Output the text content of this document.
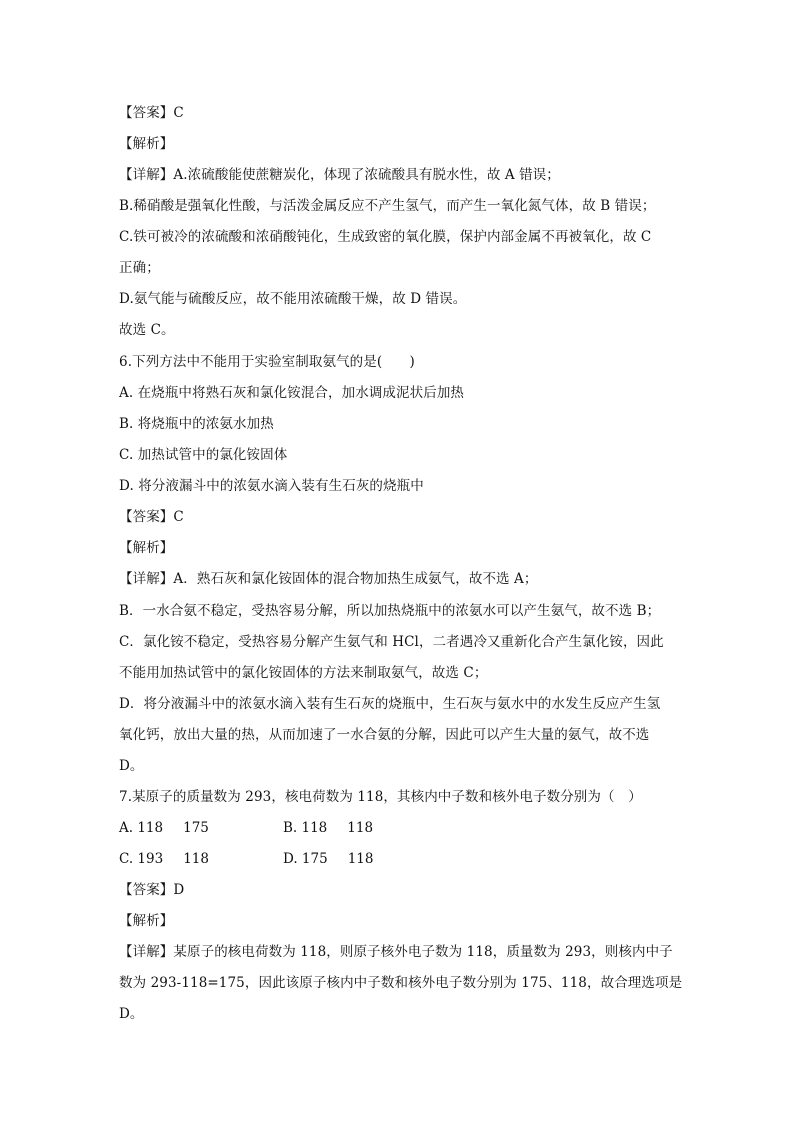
【答案】C
【解析】
【详解】A.浓硫酸能使蔗糖炭化，体现了浓硫酸具有脱水性，故 A 错误；
B.稀硝酸是强氧化性酸，与活泼金属反应不产生氢气，而产生一氧化氮气体，故 B 错误；
C.铁可被冷的浓硫酸和浓硝酸钝化，生成致密的氧化膜，保护内部金属不再被氧化，故 C
正确；
D.氨气能与硫酸反应，故不能用浓硫酸干燥，故 D 错误。
故选 C。
6.下列方法中不能用于实验室制取氨气的是(　　)
A. 在烧瓶中将熟石灰和氯化铵混合，加水调成泥状后加热
B. 将烧瓶中的浓氨水加热
C. 加热试管中的氯化铵固体
D. 将分液漏斗中的浓氨水滴入装有生石灰的烧瓶中
【答案】C
【解析】
【详解】A．熟石灰和氯化铵固体的混合物加热生成氨气，故不选 A；
B．一水合氨不稳定，受热容易分解，所以加热烧瓶中的浓氨水可以产生氨气，故不选 B；
C．氯化铵不稳定，受热容易分解产生氨气和 HCl，二者遇冷又重新化合产生氯化铵，因此
不能用加热试管中的氯化铵固体的方法来制取氨气，故选 C；
D．将分液漏斗中的浓氨水滴入装有生石灰的烧瓶中，生石灰与氨水中的水发生反应产生氢
氧化钙，放出大量的热，从而加速了一水合氨的分解，因此可以产生大量的氨气，故不选
D。
7.某原子的质量数为 293，核电荷数为 118，其核内中子数和核外电子数分别为（　）
A. 118 175	B. 118 118
C. 193 118	D. 175 118
【答案】D
【解析】
【详解】某原子的核电荷数为 118，则原子核外电子数为 118，质量数为 293，则核内中子
数为 293-118=175，因此该原子核内中子数和核外电子数分别为 175、118，故合理选项是
D。
